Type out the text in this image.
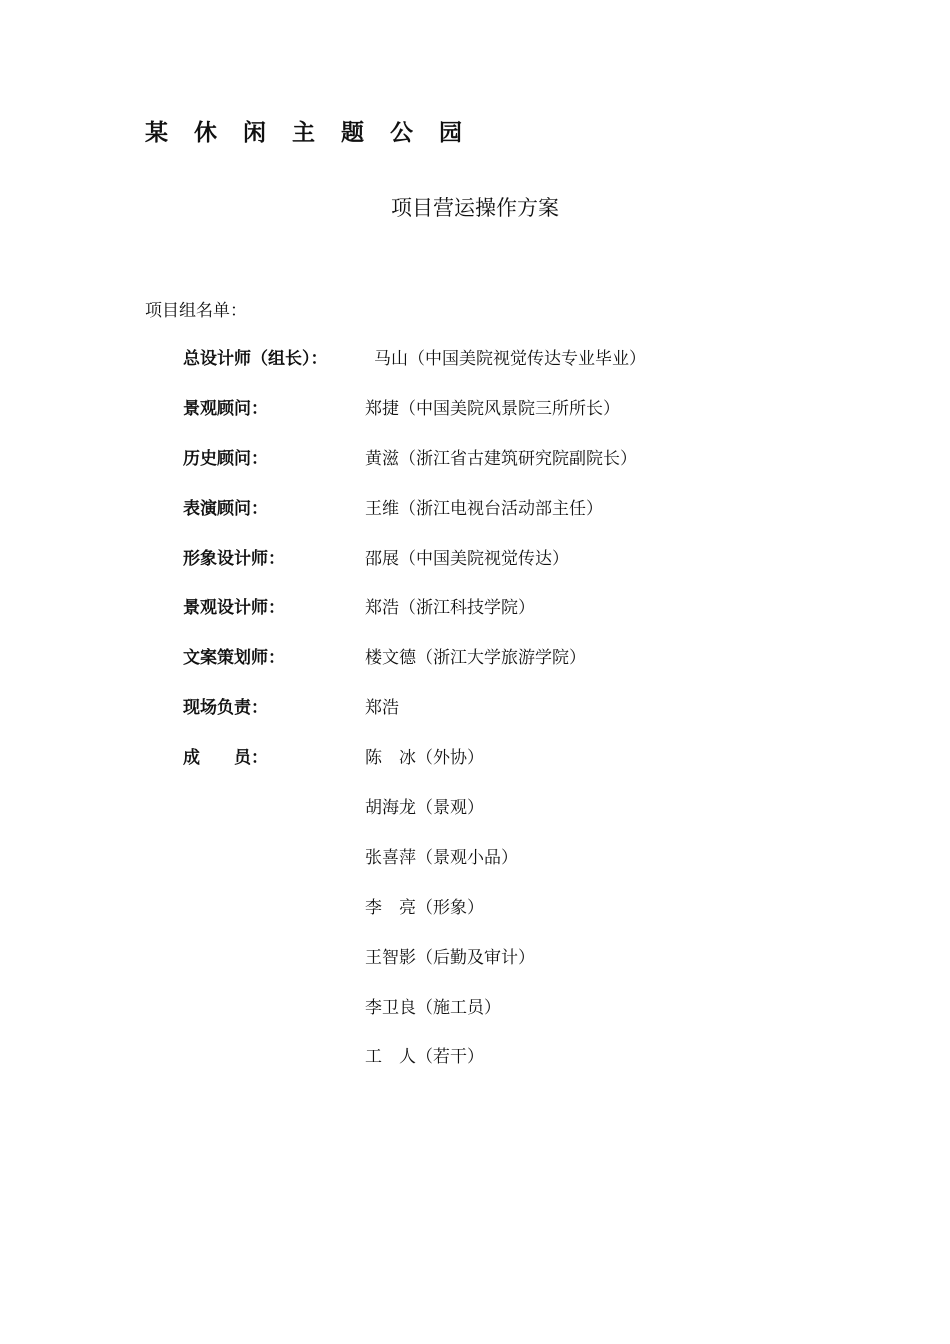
某 休 闲 主 题 公 园
项目营运操作方案
项目组名单：
总设计师（组长）：	马山（中国美院视觉传达专业毕业）
景观顾问：	郑捷（中国美院风景院三所所长）
历史顾问：	黄滋（浙江省古建筑研究院副院长）
表演顾问：	王维（浙江电视台活动部主任）
形象设计师：	邵展（中国美院视觉传达）
景观设计师：	郑浩（浙江科技学院）
文案策划师：	楼文德（浙江大学旅游学院）
现场负责：	郑浩
成　　员：	陈　冰（外协）
胡海龙（景观）
张喜萍（景观小品）
李　亮（形象）
王智影（后勤及审计）
李卫良（施工员）
工　人（若干）
